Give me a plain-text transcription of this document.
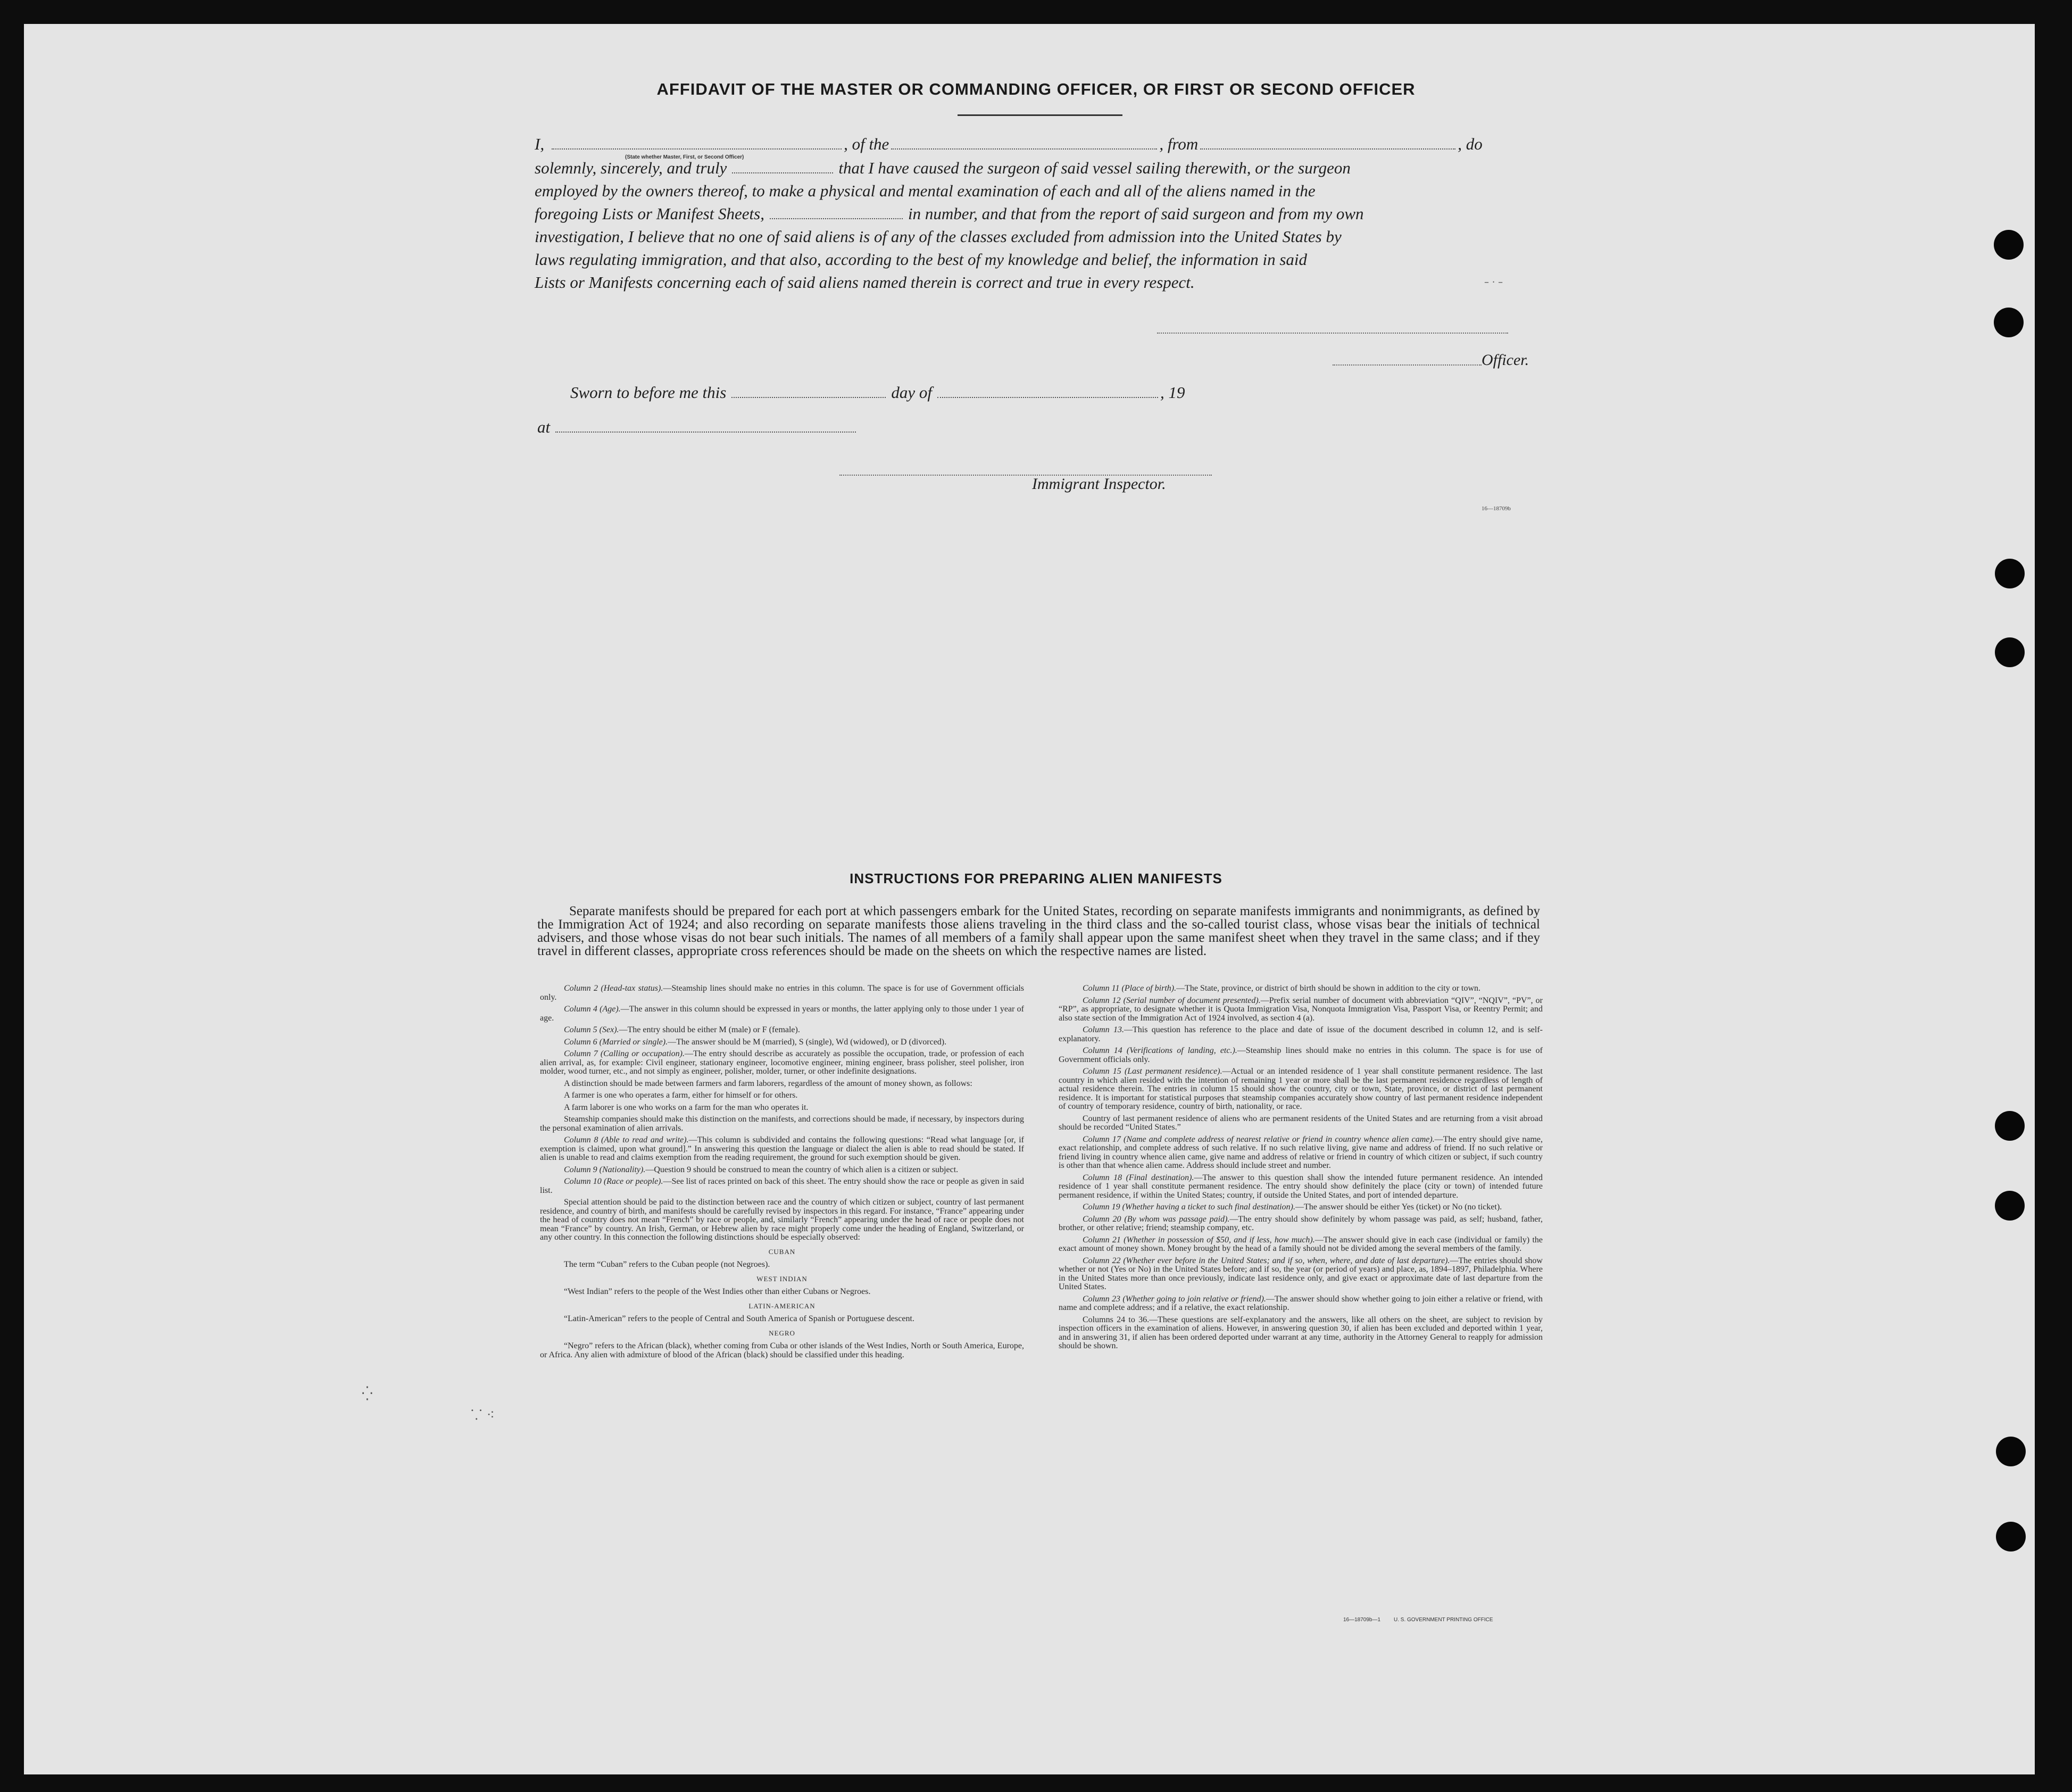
AFFIDAVIT OF THE MASTER OR COMMANDING OFFICER, OR FIRST OR SECOND OFFICER
I,	, of the	, from	, do
(State whether Master, First, or Second Officer)
solemnly, sincerely, and truly	that I have caused the surgeon of said vessel sailing therewith, or the surgeon
employed by the owners thereof, to make a physical and mental examination of each and all of the aliens named in the
foregoing Lists or Manifest Sheets,	in number, and that from the report of said surgeon and from my own
investigation, I believe that no one of said aliens is of any of the classes excluded from admission into the United States by
laws regulating immigration, and that also, according to the best of my knowledge and belief, the information in said
Lists or Manifests concerning each of said aliens named therein is correct and true in every respect.
Officer.
Sworn to before me this	day of	, 19
at
Immigrant Inspector.
16—18709b
INSTRUCTIONS FOR PREPARING ALIEN MANIFESTS
Separate manifests should be prepared for each port at which passengers embark for the United States, recording on separate manifests immigrants and nonimmigrants, as defined by the Immigration Act of 1924; and also recording on separate manifests those aliens traveling in the third class and the so-called tourist class, whose visas bear the initials of technical advisers, and those whose visas do not bear such initials. The names of all members of a family shall appear upon the same manifest sheet when they travel in the same class; and if they travel in different classes, appropriate cross references should be made on the sheets on which the respective names are listed.

Column 2 (Head-tax status).—Steamship lines should make no entries in this column. The space is for use of Government officials only.

Column 4 (Age).—The answer in this column should be expressed in years or months, the latter applying only to those under 1 year of age.

Column 5 (Sex).—The entry should be either M (male) or F (female).

Column 6 (Married or single).—The answer should be M (married), S (single), Wd (widowed), or D (divorced).

Column 7 (Calling or occupation).—The entry should describe as accurately as possible the occupation, trade, or profession of each alien arrival, as, for example: Civil engineer, stationary engineer, locomotive engineer, mining engineer, brass polisher, steel polisher, iron molder, wood turner, etc., and not simply as engineer, polisher, molder, turner, or other indefinite designations.

A distinction should be made between farmers and farm laborers, regardless of the amount of money shown, as follows:

A farmer is one who operates a farm, either for himself or for others.

A farm laborer is one who works on a farm for the man who operates it.

Steamship companies should make this distinction on the manifests, and corrections should be made, if necessary, by inspectors during the personal examination of alien arrivals.

Column 8 (Able to read and write).—This column is subdivided and contains the following questions: “Read what language [or, if exemption is claimed, upon what ground].” In answering this question the language or dialect the alien is able to read should be stated. If alien is unable to read and claims exemption from the reading requirement, the ground for such exemption should be given.

Column 9 (Nationality).—Question 9 should be construed to mean the country of which alien is a citizen or subject.

Column 10 (Race or people).—See list of races printed on back of this sheet. The entry should show the race or people as given in said list.

Special attention should be paid to the distinction between race and the country of which citizen or subject, country of last permanent residence, and country of birth, and manifests should be carefully revised by inspectors in this regard. For instance, “France” appearing under the head of country does not mean “French” by race or people, and, similarly “French” appearing under the head of race or people does not mean “France” by country. An Irish, German, or Hebrew alien by race might properly come under the heading of England, Switzerland, or any other country. In this connection the following distinctions should be especially observed:

CUBAN

The term “Cuban” refers to the Cuban people (not Negroes).

WEST INDIAN

“West Indian” refers to the people of the West Indies other than either Cubans or Negroes.

LATIN-AMERICAN

“Latin-American” refers to the people of Central and South America of Spanish or Portuguese descent.

NEGRO

“Negro” refers to the African (black), whether coming from Cuba or other islands of the West Indies, North or South America, Europe, or Africa. Any alien with admixture of blood of the African (black) should be classified under this heading.

Column 11 (Place of birth).—The State, province, or district of birth should be shown in addition to the city or town.

Column 12 (Serial number of document presented).—Prefix serial number of document with abbreviation “QIV”, “NQIV”, “PV”, or “RP”, as appropriate, to designate whether it is Quota Immigration Visa, Nonquota Immigration Visa, Passport Visa, or Reentry Permit; and also state section of the Immigration Act of 1924 involved, as section 4 (a).

Column 13.—This question has reference to the place and date of issue of the document described in column 12, and is self-explanatory.

Column 14 (Verifications of landing, etc.).—Steamship lines should make no entries in this column. The space is for use of Government officials only.

Column 15 (Last permanent residence).—Actual or an intended residence of 1 year shall constitute permanent residence. The last country in which alien resided with the intention of remaining 1 year or more shall be the last permanent residence regardless of length of actual residence therein. The entries in column 15 should show the country, city or town, State, province, or district of last permanent residence. It is important for statistical purposes that steamship companies accurately show country of last permanent residence independent of country of temporary residence, country of birth, nationality, or race.

Country of last permanent residence of aliens who are permanent residents of the United States and are returning from a visit abroad should be recorded “United States.”

Column 17 (Name and complete address of nearest relative or friend in country whence alien came).—The entry should give name, exact relationship, and complete address of such relative. If no such relative living, give name and address of friend. If no such relative or friend living in country whence alien came, give name and address of relative or friend in country of which citizen or subject, if such country is other than that whence alien came. Address should include street and number.

Column 18 (Final destination).—The answer to this question shall show the intended future permanent residence. An intended residence of 1 year shall constitute permanent residence. The entry should show definitely the place (city or town) of intended future permanent residence, if within the United States; country, if outside the United States, and port of intended departure.

Column 19 (Whether having a ticket to such final destination).—The answer should be either Yes (ticket) or No (no ticket).

Column 20 (By whom was passage paid).—The entry should show definitely by whom passage was paid, as self; husband, father, brother, or other relative; friend; steamship company, etc.

Column 21 (Whether in possession of $50, and if less, how much).—The answer should give in each case (individual or family) the exact amount of money shown. Money brought by the head of a family should not be divided among the several members of the family.

Column 22 (Whether ever before in the United States; and if so, when, where, and date of last departure).—The entries should show whether or not (Yes or No) in the United States before; and if so, the year (or period of years) and place, as, 1894–1897, Philadelphia. Where in the United States more than once previously, indicate last residence only, and give exact or approximate date of last departure from the United States.

Column 23 (Whether going to join relative or friend).—The answer should show whether going to join either a relative or friend, with name and complete address; and if a relative, the exact relationship.

Columns 24 to 36.—These questions are self-explanatory and the answers, like all others on the sheet, are subject to revision by inspection officers in the examination of aliens. However, in answering question 30, if alien has been excluded and deported within 1 year, and in answering 31, if alien has been ordered deported under warrant at any time, authority in the Attorney General to reapply for admission should be shown.

16—18709b—1 U. S. GOVERNMENT PRINTING OFFICE
⁛
⸪ ⁖
– · –
